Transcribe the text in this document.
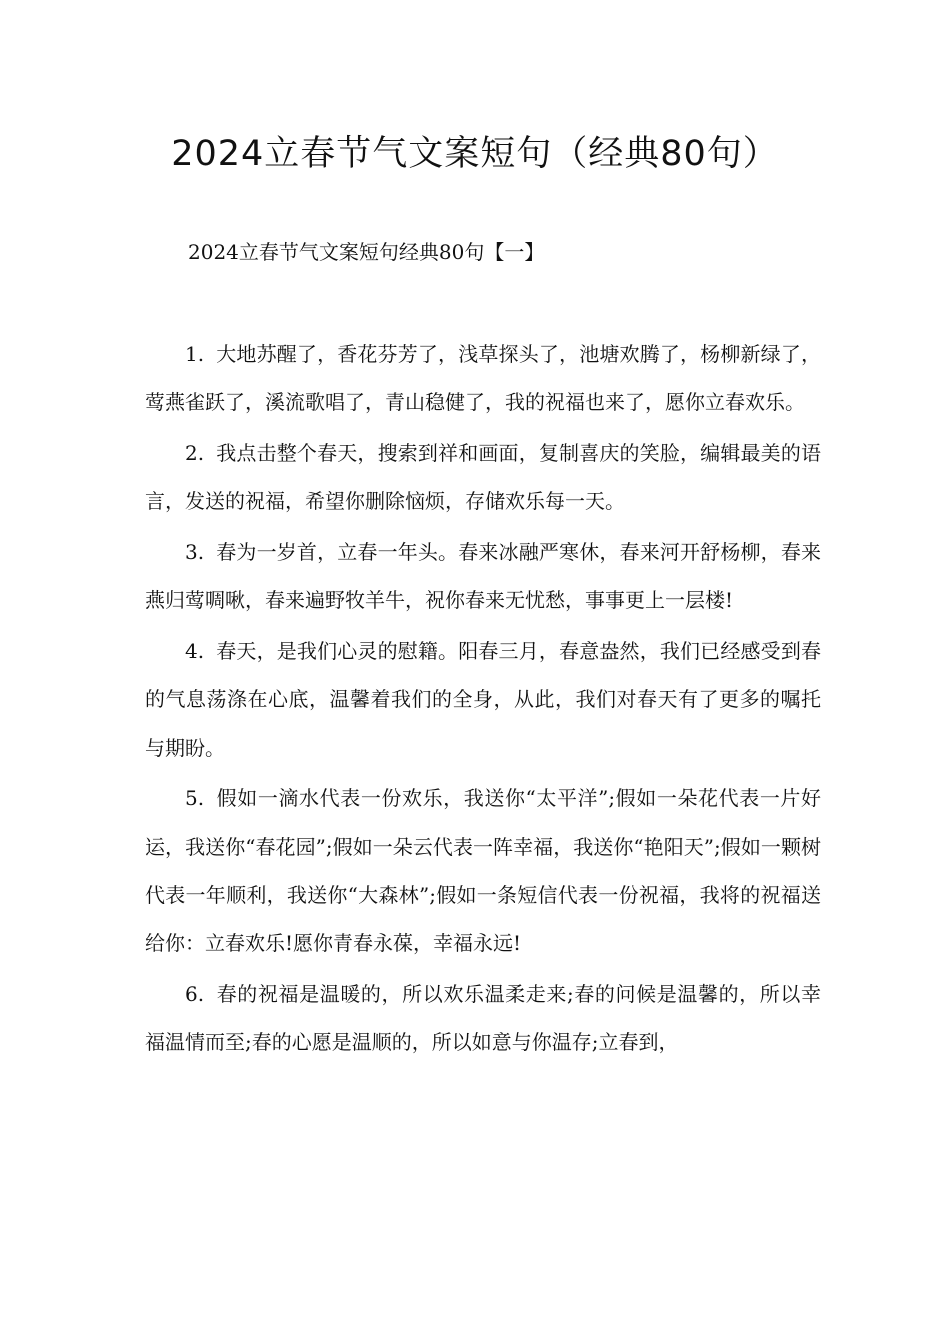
2024立春节气文案短句（经典80句）
2024立春节气文案短句经典80句【一】

1. 大地苏醒了，香花芬芳了，浅草探头了，池塘欢腾了，杨柳新绿了，莺燕雀跃了，溪流歌唱了，青山稳健了，我的祝福也来了，愿你立春欢乐。

2. 我点击整个春天，搜索到祥和画面，复制喜庆的笑脸，编辑最美的语言，发送的祝福，希望你删除恼烦，存储欢乐每一天。

3. 春为一岁首，立春一年头。春来冰融严寒休，春来河开舒杨柳，春来燕归莺啁啾，春来遍野牧羊牛，祝你春来无忧愁，事事更上一层楼!

4. 春天，是我们心灵的慰籍。阳春三月，春意盎然，我们已经感受到春的气息荡涤在心底，温馨着我们的全身，从此，我们对春天有了更多的嘱托与期盼。

5. 假如一滴水代表一份欢乐，我送你“太平洋”;假如一朵花代表一片好运，我送你“春花园”;假如一朵云代表一阵幸福，我送你“艳阳天”;假如一颗树代表一年顺利，我送你“大森林”;假如一条短信代表一份祝福，我将的祝福送给你：立春欢乐!愿你青春永葆，幸福永远!

6. 春的祝福是温暖的，所以欢乐温柔走来;春的问候是温馨的，所以幸福温情而至;春的心愿是温顺的，所以如意与你温存;立春到，
